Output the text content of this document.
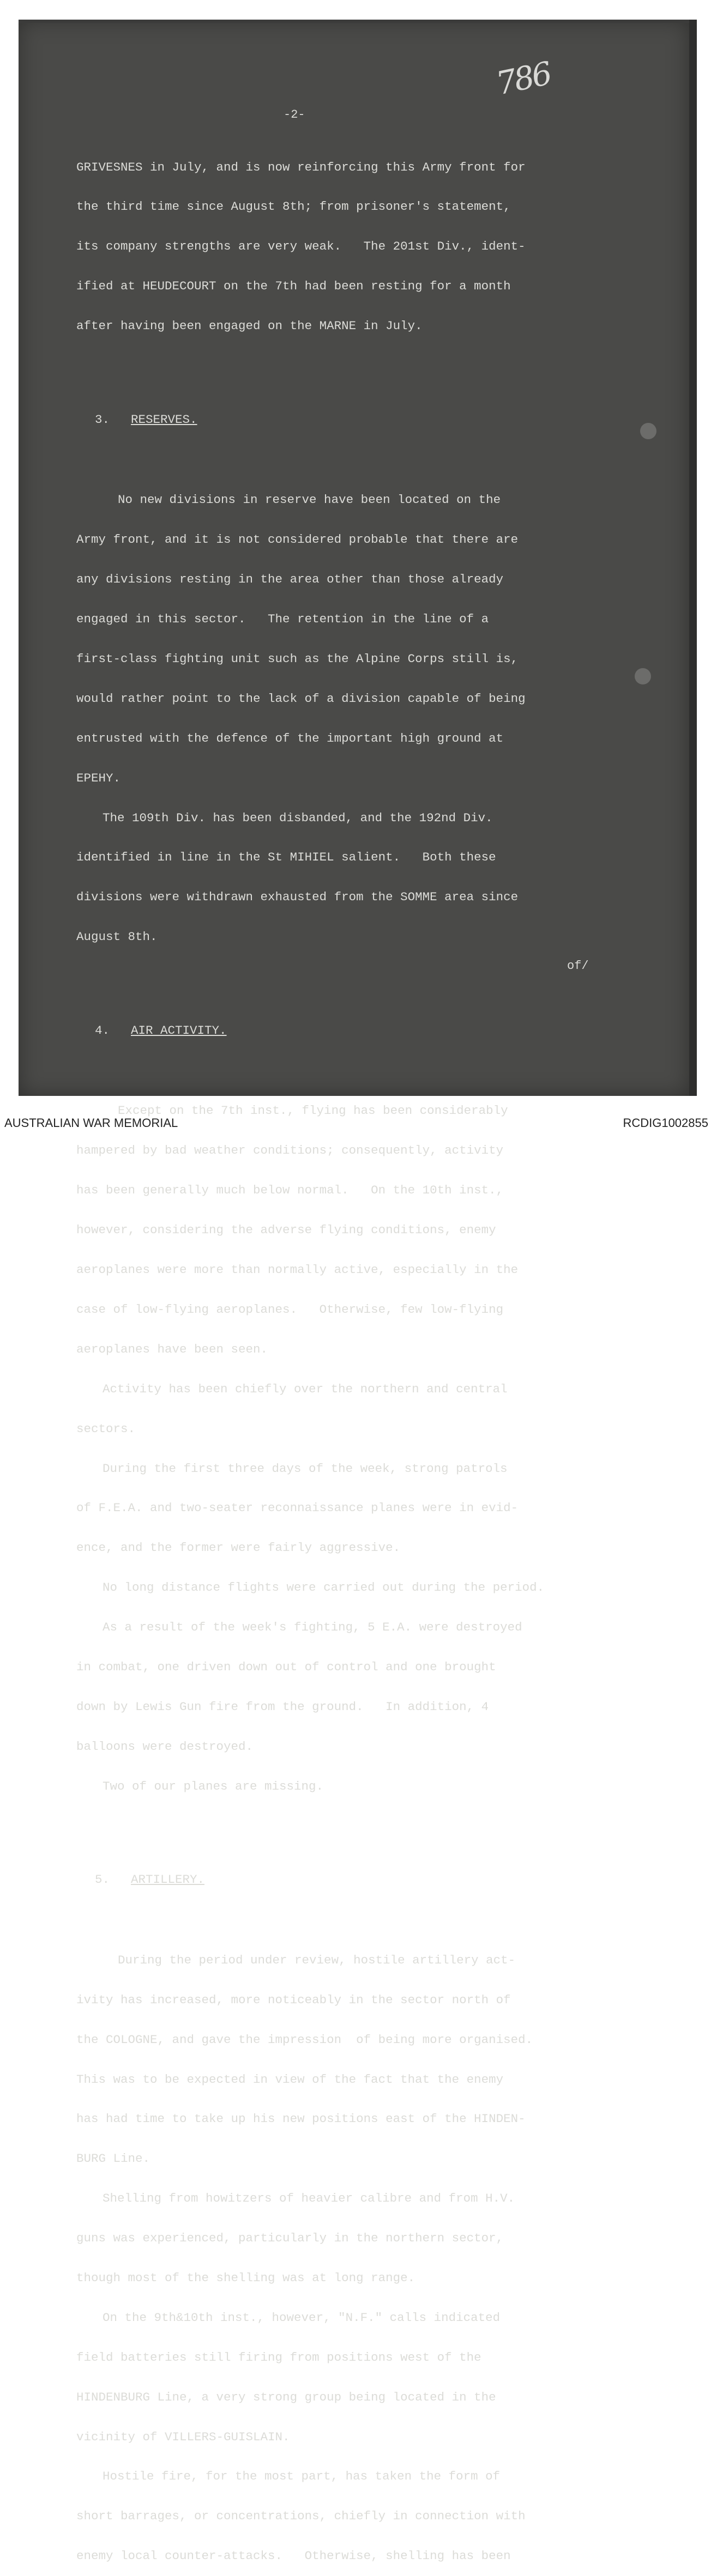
786
-2-

GRIVESNES in July, and is now reinforcing this Army front for

the third time since August 8th; from prisoner's statement,

its company strengths are very weak.   The 201st Div., ident-

ified at HEUDECOURT on the 7th had been resting for a month

after having been engaged on the MARNE in July.

3. RESERVES.

No new divisions in reserve have been located on the

Army front, and it is not considered probable that there are

any divisions resting in the area other than those already

engaged in this sector.   The retention in the line of a

first-class fighting unit such as the Alpine Corps still is,

would rather point to the lack of a division capable of being

entrusted with the defence of the important high ground at

EPEHY.

The 109th Div. has been disbanded, and the 192nd Div.

identified in line in the St MIHIEL salient.   Both these

divisions were withdrawn exhausted from the SOMME area since

August 8th.

4. AIR ACTIVITY.

Except on the 7th inst., flying has been considerably

hampered by bad weather conditions; consequently, activity

has been generally much below normal.   On the 10th inst.,

however, considering the adverse flying conditions, enemy

aeroplanes were more than normally active, especially in the

case of low-flying aeroplanes.   Otherwise, few low-flying

aeroplanes have been seen.

Activity has been chiefly over the northern and central

sectors.

During the first three days of the week, strong patrols

of F.E.A. and two-seater reconnaissance planes were in evid-

ence, and the former were fairly aggressive.

No long distance flights were carried out during the period.

As a result of the week's fighting, 5 E.A. were destroyed

in combat, one driven down out of control and one brought

down by Lewis Gun fire from the ground.   In addition, 4

balloons were destroyed.

Two of our planes are missing.

5. ARTILLERY.

During the period under review, hostile artillery act-

ivity has increased, more noticeably in the sector north of

the COLOGNE, and gave the impression  of being more organised.

This was to be expected in view of the fact that the enemy

has had time to take up his new positions east of the HINDEN-

BURG Line.

Shelling from howitzers of heavier calibre and from H.V.

guns was experienced, particularly in the northern sector,

though most of the shelling was at long range.

On the 9th&10th inst., however, "N.F." calls indicated

field batteries still firing from positions west of the

HINDENBURG Line, a very strong group being located in the

vicinity of VILLERS-GUISLAIN.

Hostile fire, for the most part, has taken the form of

short barrages, or concentrations, chiefly in connection with

enemy local counter-attacks.   Otherwise, shelling has been

of/
AUSTRALIAN WAR MEMORIAL	RCDIG1002855
